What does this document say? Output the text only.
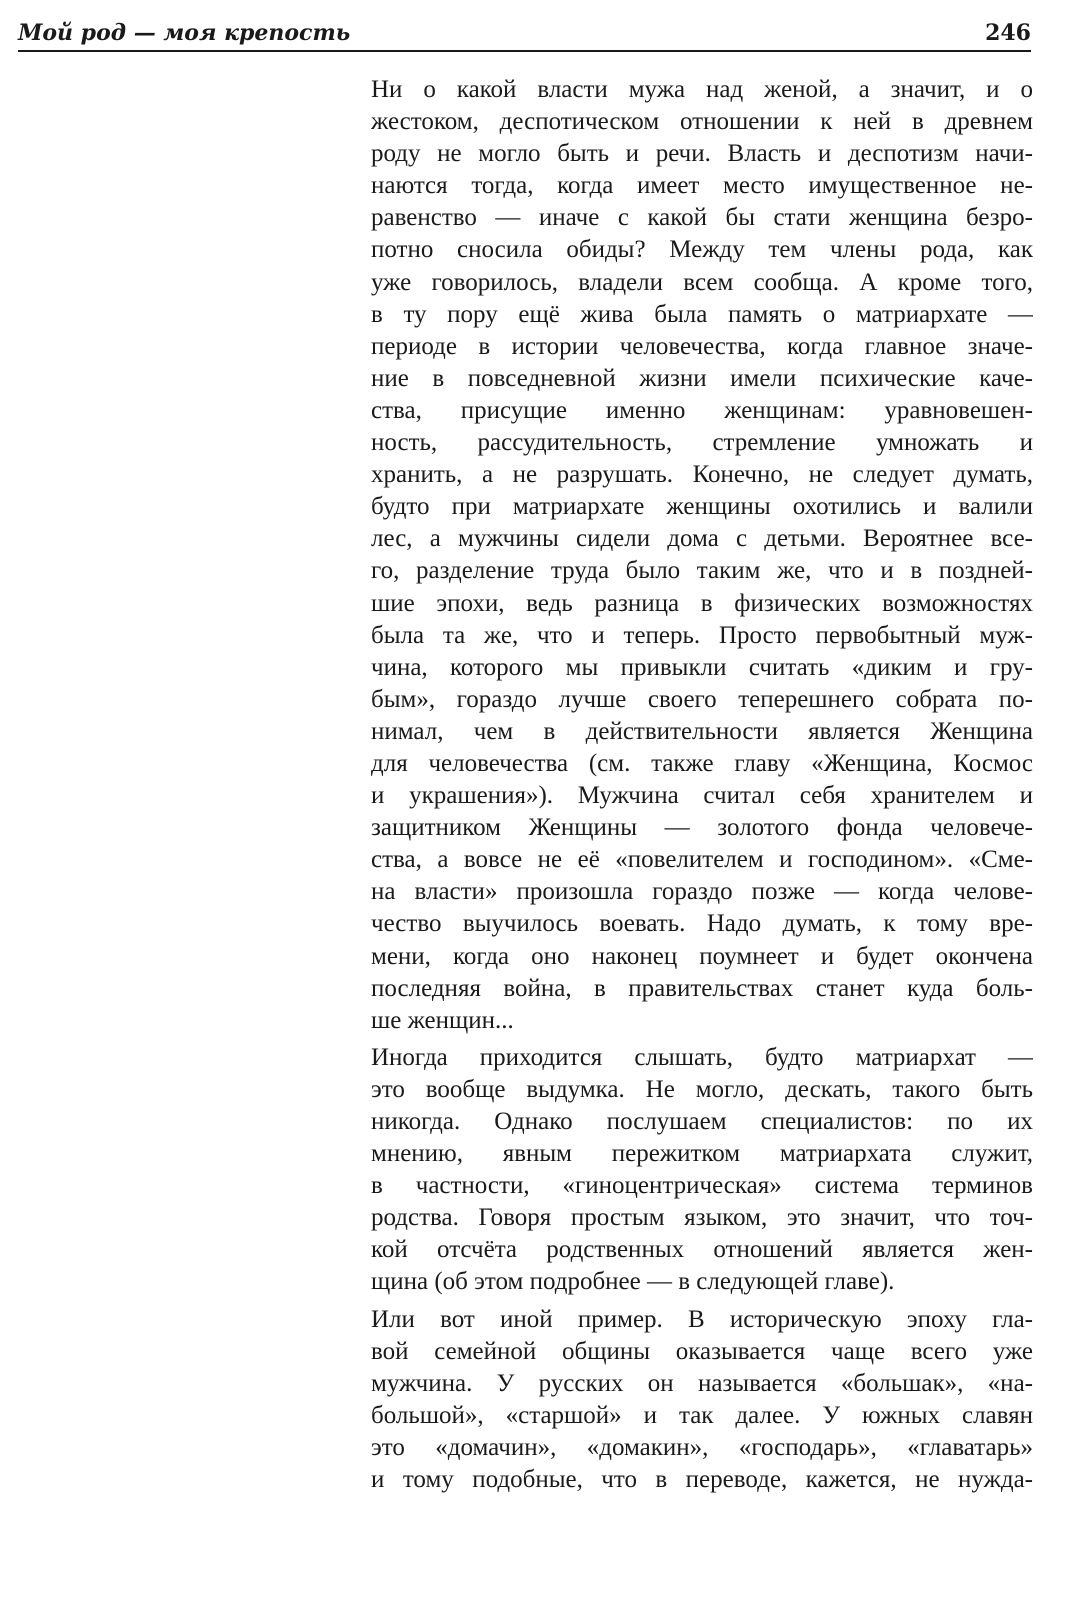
Мой род — моя крепость	246

Ни о какой власти мужа над женой, а значит, и о
жестоком, деспотическом отношении к ней в древнем
роду не могло быть и речи. Власть и деспотизм начи-
наются тогда, когда имеет место имущественное не-
равенство — иначе с какой бы стати женщина безро-
потно сносила обиды? Между тем члены рода, как
уже говорилось, владели всем сообща. А кроме того,
в ту пору ещё жива была память о матриархате —
периоде в истории человечества, когда главное значе-
ние в повседневной жизни имели психические каче-
ства, присущие именно женщинам: уравновешен-
ность, рассудительность, стремление умножать и
хранить, а не разрушать. Конечно, не следует думать,
будто при матриархате женщины охотились и валили
лес, а мужчины сидели дома с детьми. Вероятнее все-
го, разделение труда было таким же, что и в поздней-
шие эпохи, ведь разница в физических возможностях
была та же, что и теперь. Просто первобытный муж-
чина, которого мы привыкли считать «диким и гру-
бым», гораздо лучше своего теперешнего собрата по-
нимал, чем в действительности является Женщина
для человечества (см. также главу «Женщина, Космос
и украшения»). Мужчина считал себя хранителем и
защитником Женщины — золотого фонда человече-
ства, а вовсе не её «повелителем и господином». «Сме-
на власти» произошла гораздо позже — когда челове-
чество выучилось воевать. Надо думать, к тому вре-
мени, когда оно наконец поумнеет и будет окончена
последняя война, в правительствах станет куда боль-
ше женщин...

Иногда приходится слышать, будто матриархат —
это вообще выдумка. Не могло, дескать, такого быть
никогда. Однако послушаем специалистов: по их
мнению, явным пережитком матриархата служит,
в частности, «гиноцентрическая» система терминов
родства. Говоря простым языком, это значит, что точ-
кой отсчёта родственных отношений является жен-
щина (об этом подробнее — в следующей главе).

Или вот иной пример. В историческую эпоху гла-
вой семейной общины оказывается чаще всего уже
мужчина. У русских он называется «большак», «на-
большой», «старшой» и так далее. У южных славян
это «домачин», «домакин», «господарь», «главатарь»
и тому подобные, что в переводе, кажется, не нужда-
